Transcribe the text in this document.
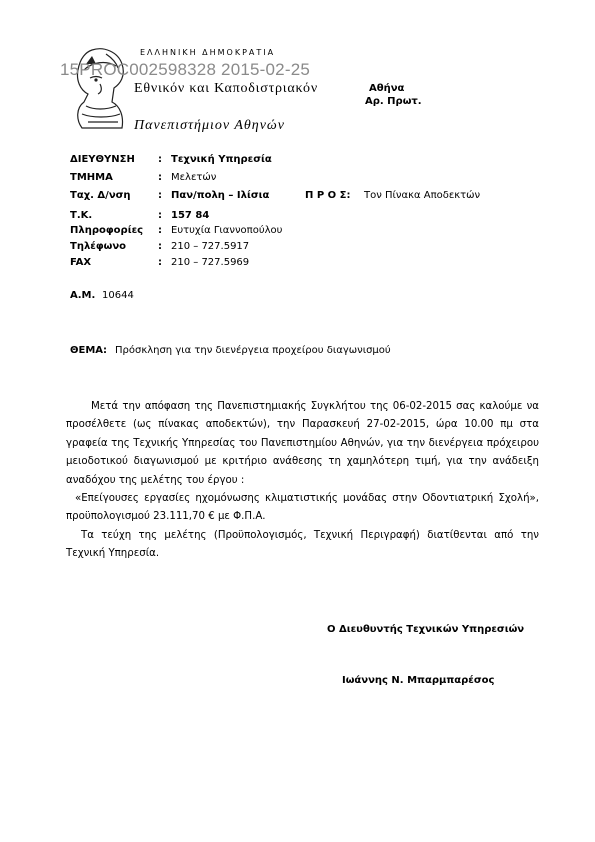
15PROC002598328 2015-02-25
ΕΛΛΗΝΙΚΗ ΔΗΜΟΚΡΑΤΙΑ
Εθνικόν και Καποδιστριακόν
Πανεπιστήμιον Αθηνών
Αθήνα
Αρ. Πρωτ.
ΔΙΕΥΘΥΝΣΗ : Τεχνική Υπηρεσία
ΤΜΗΜΑ	: Μελετών
Ταχ. Δ/νση	: Παν/πολη – Ιλίσια	Π Ρ Ο Σ: Τον Πίνακα Αποδεκτών
Τ.Κ.	: 157 84
Πληροφορίες : Ευτυχία Γιαννοπούλου
Τηλέφωνο	: 210 – 727.5917
FAX	: 210 – 727.5969
Α.Μ. 10644
ΘΕΜΑ: Πρόσκληση για την διενέργεια προχείρου διαγωνισμού

Μετά την απόφαση της Πανεπιστημιακής Συγκλήτου της 06-02-2015 σας καλούμε να προσέλθετε (ως πίνακας αποδεκτών), την Παρασκευή 27-02-2015, ώρα 10.00 πμ στα γραφεία της Τεχνικής Υπηρεσίας του Πανεπιστημίου Αθηνών, για την διενέργεια πρόχειρου μειοδοτικού διαγωνισμού με κριτήριο ανάθεσης τη χαμηλότερη τιμή, για την ανάδειξη αναδόχου της μελέτης του έργου :

«Επείγουσες εργασίες ηχομόνωσης κλιματιστικής μονάδας στην Οδοντιατρική Σχολή», προϋπολογισμού 23.111,70 € με Φ.Π.Α.

Τα τεύχη της μελέτης (Προϋπολογισμός, Τεχνική Περιγραφή) διατίθενται από την Τεχνική Υπηρεσία.

Ο Διευθυντής Τεχνικών Υπηρεσιών
Ιωάννης Ν. Μπαρμπαρέσος
